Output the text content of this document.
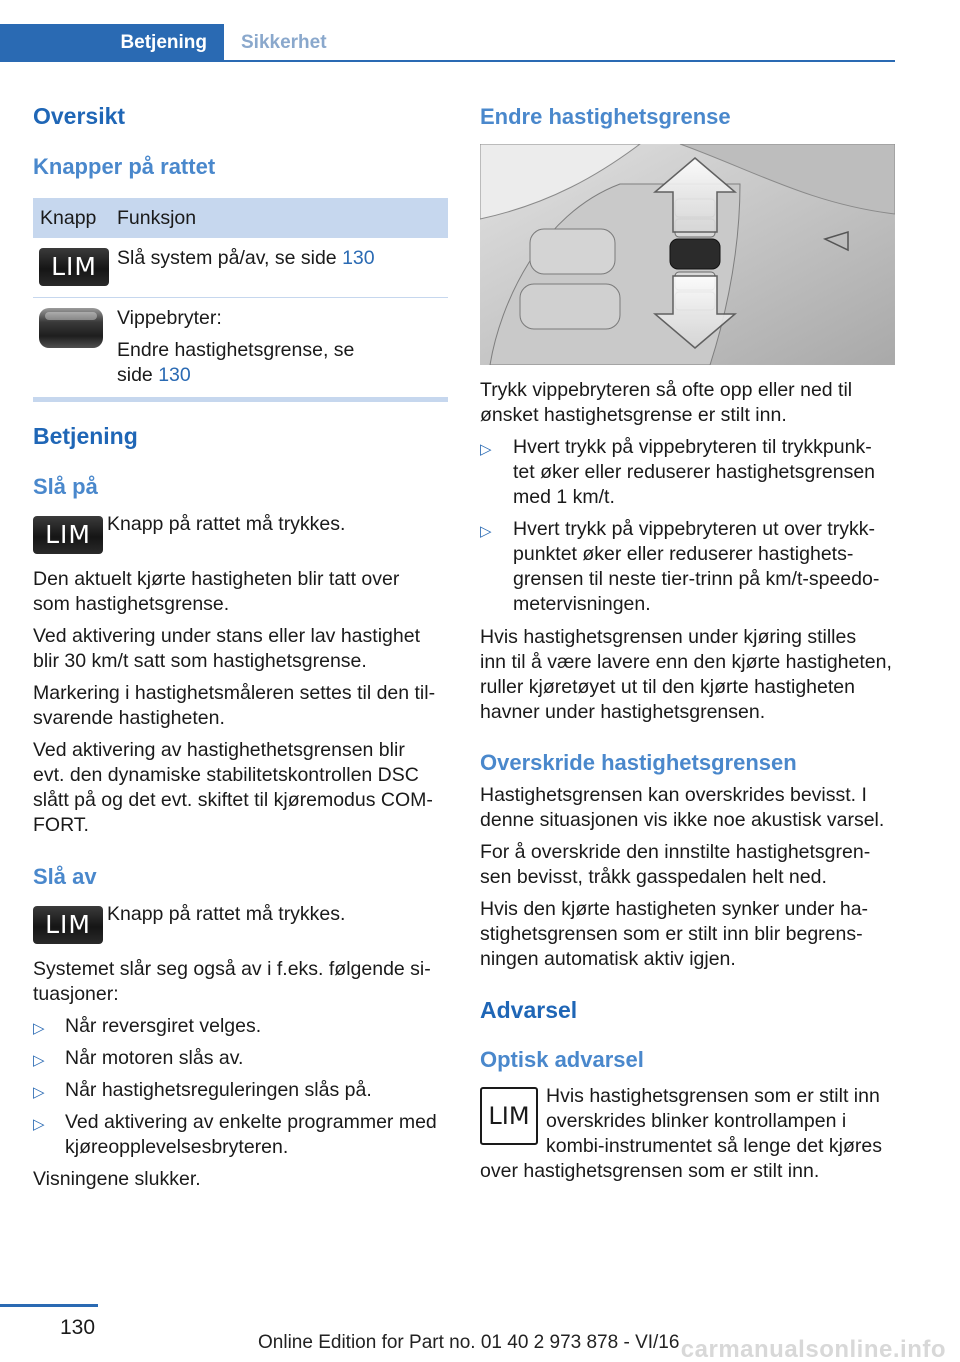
Betjening	Sikkerhet
Oversikt
Knapper på rattet
Knapp Funksjon
LIM	Slå system på/av, se side 130
Vippebryter:
Endre hastighetsgrense, se
side 130
Betjening
Slå på
LIM Knapp på rattet må trykkes.
Den aktuelt kjørte hastigheten blir tatt over
som hastighetsgrense.
Ved aktivering under stans eller lav hastighet
blir 30 km/t satt som hastighetsgrense.
Markering i hastighetsmåleren settes til den til‐
svarende hastigheten.
Ved aktivering av hastighethetsgrensen blir
evt. den dynamiske stabilitetskontrollen DSC
slått på og det evt. skiftet til kjøremodus COM‐
FORT.
Slå av
LIM Knapp på rattet må trykkes.
Systemet slår seg også av i f.eks. følgende si‐
tuasjoner:
▷ Når reversgiret velges.
▷ Når motoren slås av.
▷ Når hastighetsreguleringen slås på.
▷ Ved aktivering av enkelte programmer med
kjøreopplevelsesbryteren.
Visningene slukker.
Endre hastighetsgrense
Trykk vippebryteren så ofte opp eller ned til
ønsket hastighetsgrense er stilt inn.
▷ Hvert trykk på vippebryteren til trykkpunk‐
tet øker eller reduserer hastighetsgrensen
med 1 km/t.
▷ Hvert trykk på vippebryteren ut over trykk‐
punktet øker eller reduserer hastighets‐
grensen til neste tier-trinn på km/t-speedo‐
metervisningen.
Hvis hastighetsgrensen under kjøring stilles
inn til å være lavere enn den kjørte hastigheten,
ruller kjøretøyet ut til den kjørte hastigheten
havner under hastighetsgrensen.
Overskride hastighetsgrensen
Hastighetsgrensen kan overskrides bevisst. I
denne situasjonen vis ikke noe akustisk varsel.
For å overskride den innstilte hastighetsgren‐
sen bevisst, tråkk gasspedalen helt ned.
Hvis den kjørte hastigheten synker under ha‐
stighetsgrensen som er stilt inn blir begrens‐
ningen automatisk aktiv igjen.
Advarsel
Optisk advarsel
LIM
Hvis hastighetsgrensen som er stilt inn
overskrides blinker kontrollampen i
kombi-instrumentet så lenge det kjøres
over hastighetsgrensen som er stilt inn.
130
Online Edition for Part no. 01 40 2 973 878 - VI/16 carmanualsonline.info
